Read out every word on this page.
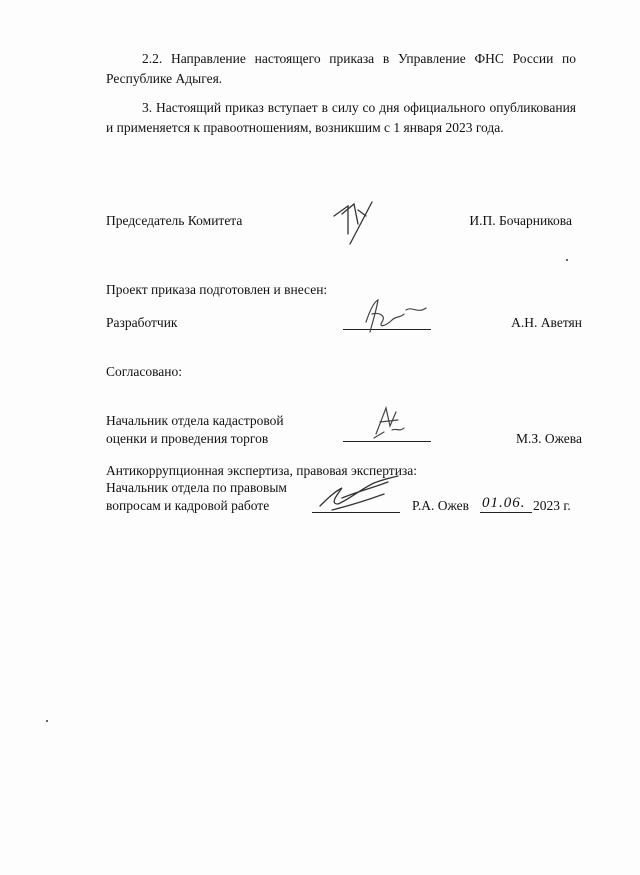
2.2. Направление настоящего приказа в Управление ФНС России по Республике Адыгея.
3. Настоящий приказ вступает в силу со дня официального опубликования и применяется к правоотношениям, возникшим с 1 января 2023 года.
Председатель Комитета	И.П. Бочарникова
Проект приказа подготовлен и внесен:
Разработчик	А.Н. Аветян
Согласовано:
Начальник отдела кадастровой
оценки и проведения торгов	М.З. Ожева
Антикоррупционная экспертиза, правовая экспертиза:
Начальник отдела по правовым
вопросам и кадровой работе	Р.А. Ожев 01.06. 2023 г.
